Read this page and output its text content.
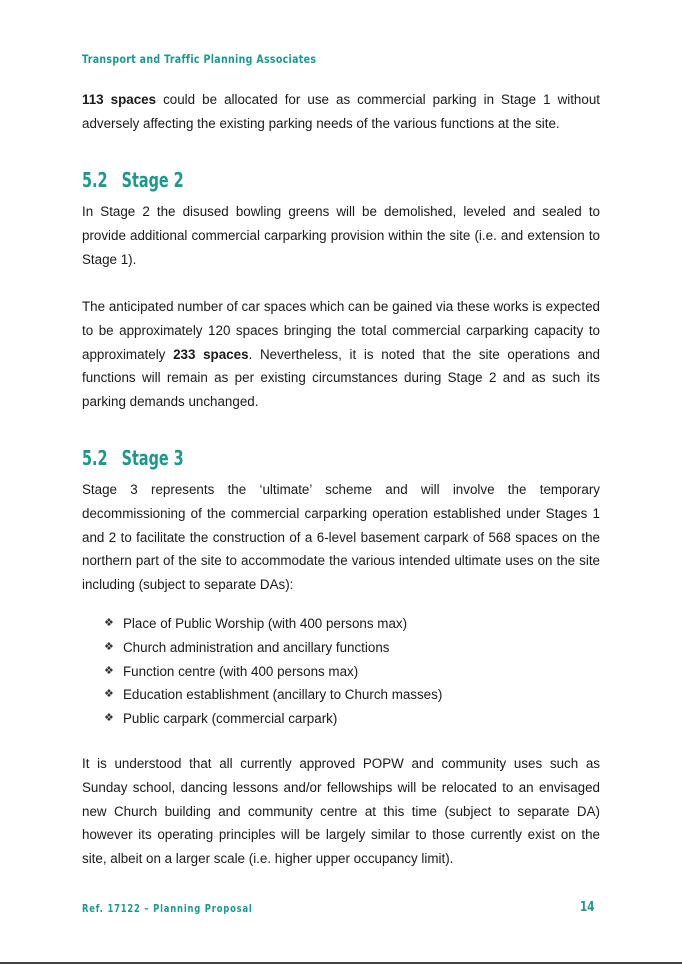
Transport and Traffic Planning Associates

113 spaces could be allocated for use as commercial parking in Stage 1 without adversely affecting the existing parking needs of the various functions at the site.

5.2 Stage 2

In Stage 2 the disused bowling greens will be demolished, leveled and sealed to provide additional commercial carparking provision within the site (i.e. and extension to Stage 1).

The anticipated number of car spaces which can be gained via these works is expected to be approximately 120 spaces bringing the total commercial carparking capacity to approximately 233 spaces. Nevertheless, it is noted that the site operations and functions will remain as per existing circumstances during Stage 2 and as such its parking demands unchanged.

5.2 Stage 3

Stage 3 represents the ‘ultimate’ scheme and will involve the temporary decommissioning of the commercial carparking operation established under Stages 1 and 2 to facilitate the construction of a 6-level basement carpark of 568 spaces on the northern part of the site to accommodate the various intended ultimate uses on the site including (subject to separate DAs):

❖ Place of Public Worship (with 400 persons max)
❖ Church administration and ancillary functions
❖ Function centre (with 400 persons max)
❖ Education establishment (ancillary to Church masses)
❖ Public carpark (commercial carpark)

It is understood that all currently approved POPW and community uses such as Sunday school, dancing lessons and/or fellowships will be relocated to an envisaged new Church building and community centre at this time (subject to separate DA) however its operating principles will be largely similar to those currently exist on the site, albeit on a larger scale (i.e. higher upper occupancy limit).

Ref. 17122 – Planning Proposal	14
